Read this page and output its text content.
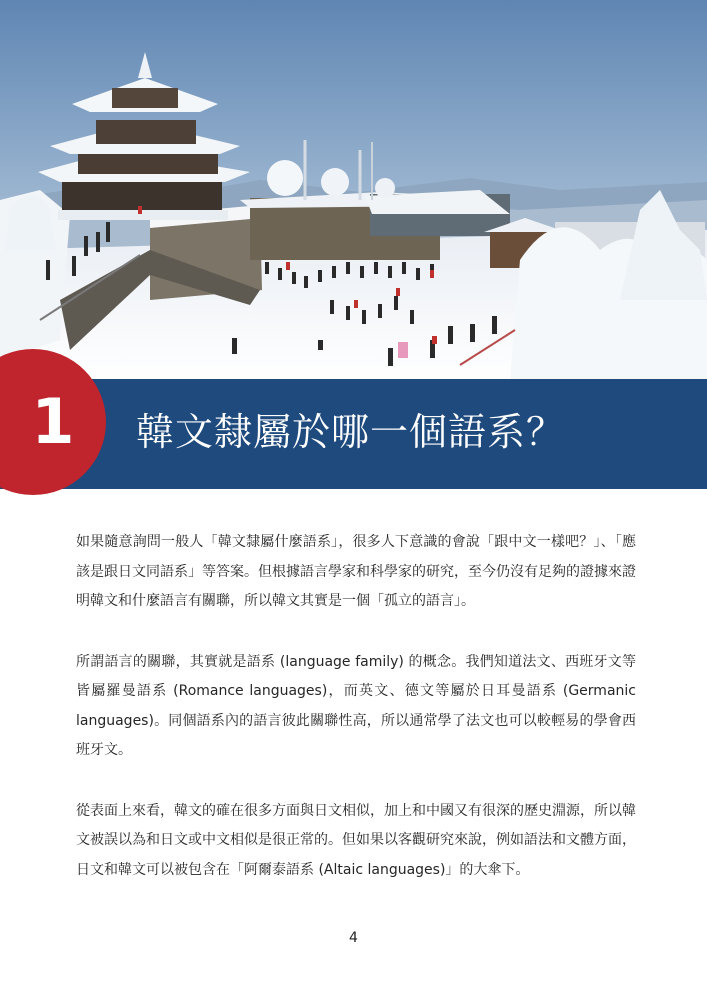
1 韓文隸屬於哪一個語系？

如果隨意詢問一般人「韓文隸屬什麼語系」，很多人下意識的會說「跟中文一樣吧？」、「應該是跟日文同語系」等答案。但根據語言學家和科學家的研究，至今仍沒有足夠的證據來證明韓文和什麼語言有關聯，所以韓文其實是一個「孤立的語言」。

所謂語言的關聯，其實就是語系 (language family) 的概念。我們知道法文、西班牙文等皆屬羅曼語系 (Romance languages)，而英文、德文等屬於日耳曼語系 (Germanic languages)。同個語系內的語言彼此關聯性高，所以通常學了法文也可以較輕易的學會西班牙文。

從表面上來看，韓文的確在很多方面與日文相似，加上和中國又有很深的歷史淵源，所以韓文被誤以為和日文或中文相似是很正常的。但如果以客觀研究來說，例如語法和文體方面，日文和韓文可以被包含在「阿爾泰語系 (Altaic languages)」的大傘下。

4
